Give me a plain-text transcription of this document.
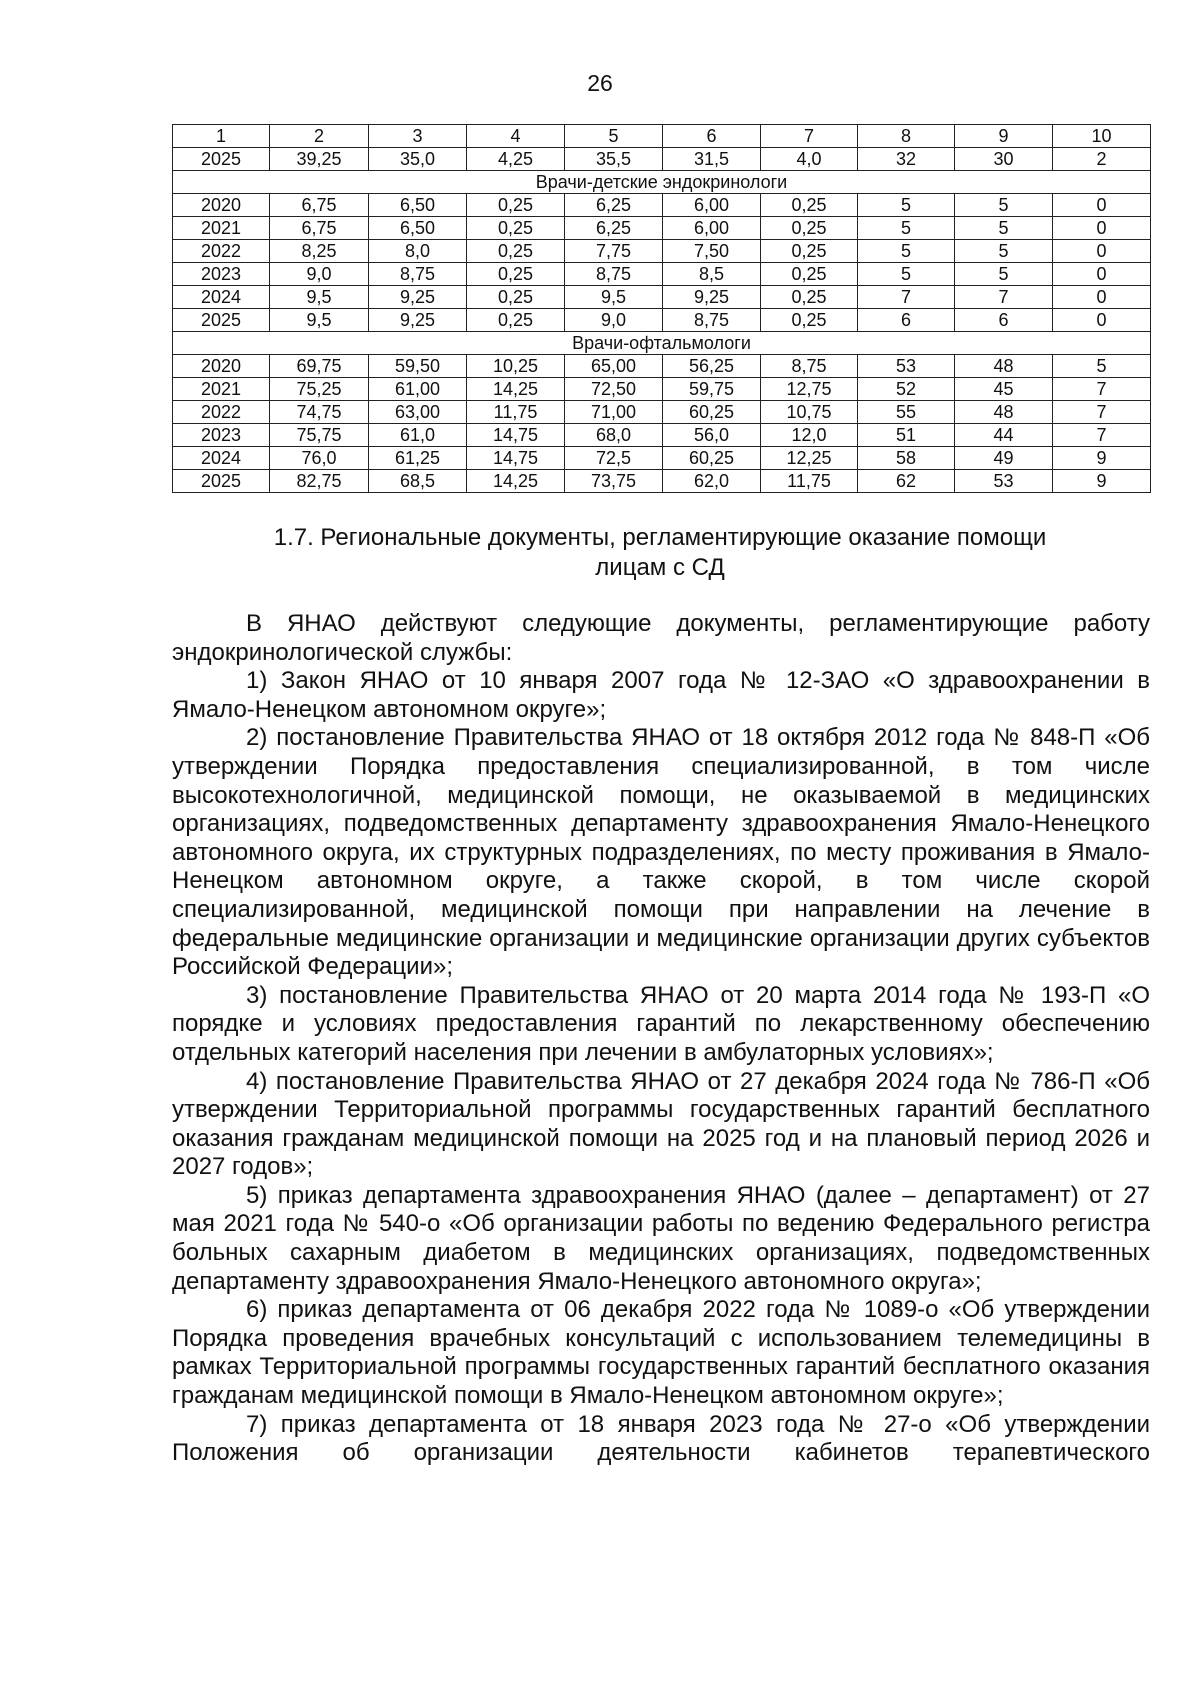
26
1	2	3	4	5	6	7	8	9	10
2025	39,25	35,0	4,25	35,5	31,5	4,0	32	30	2
Врачи-детские эндокринологи									
2020	6,75	6,50	0,25	6,25	6,00	0,25	5	5	0
2021	6,75	6,50	0,25	6,25	6,00	0,25	5	5	0
2022	8,25	8,0	0,25	7,75	7,50	0,25	5	5	0
2023	9,0	8,75	0,25	8,75	8,5	0,25	5	5	0
2024	9,5	9,25	0,25	9,5	9,25	0,25	7	7	0
2025	9,5	9,25	0,25	9,0	8,75	0,25	6	6	0
Врачи-офтальмологи									
2020	69,75	59,50	10,25	65,00	56,25	8,75	53	48	5
2021	75,25	61,00	14,25	72,50	59,75	12,75	52	45	7
2022	74,75	63,00	11,75	71,00	60,25	10,75	55	48	7
2023	75,75	61,0	14,75	68,0	56,0	12,0	51	44	7
2024	76,0	61,25	14,75	72,5	60,25	12,25	58	49	9
2025	82,75	68,5	14,25	73,75	62,0	11,75	62	53	9
1.7. Региональные документы, регламентирующие оказание помощи
лицам с СД

В ЯНАО действуют следующие документы, регламентирующие работу эндокринологической службы:

1) Закон ЯНАО от 10 января 2007 года № 12-ЗАО «О здравоохранении в Ямало-Ненецком автономном округе»;

2) постановление Правительства ЯНАО от 18 октября 2012 года № 848-П «Об утверждении Порядка предоставления специализированной, в том числе высокотехнологичной, медицинской помощи, не оказываемой в медицинских организациях, подведомственных департаменту здравоохранения Ямало-Ненецкого автономного округа, их структурных подразделениях, по месту проживания в Ямало-Ненецком автономном округе, а также скорой, в том числе скорой специализированной, медицинской помощи при направлении на лечение в федеральные медицинские организации и медицинские организации других субъектов Российской Федерации»;

3) постановление Правительства ЯНАО от 20 марта 2014 года № 193-П «О порядке и условиях предоставления гарантий по лекарственному обеспечению отдельных категорий населения при лечении в амбулаторных условиях»;

4) постановление Правительства ЯНАО от 27 декабря 2024 года № 786-П «Об утверждении Территориальной программы государственных гарантий бесплатного оказания гражданам медицинской помощи на 2025 год и на плановый период 2026 и 2027 годов»;

5) приказ департамента здравоохранения ЯНАО (далее – департамент) от 27 мая 2021 года № 540-о «Об организации работы по ведению Федерального регистра больных сахарным диабетом в медицинских организациях, подведомственных департаменту здравоохранения Ямало-Ненецкого автономного округа»;

6) приказ департамента от 06 декабря 2022 года № 1089-о «Об утверждении Порядка проведения врачебных консультаций с использованием телемедицины в рамках Территориальной программы государственных гарантий бесплатного оказания гражданам медицинской помощи в Ямало-Ненецком автономном округе»;

7) приказ департамента от 18 января 2023 года № 27-о «Об утверждении Положения об организации деятельности кабинетов терапевтического
